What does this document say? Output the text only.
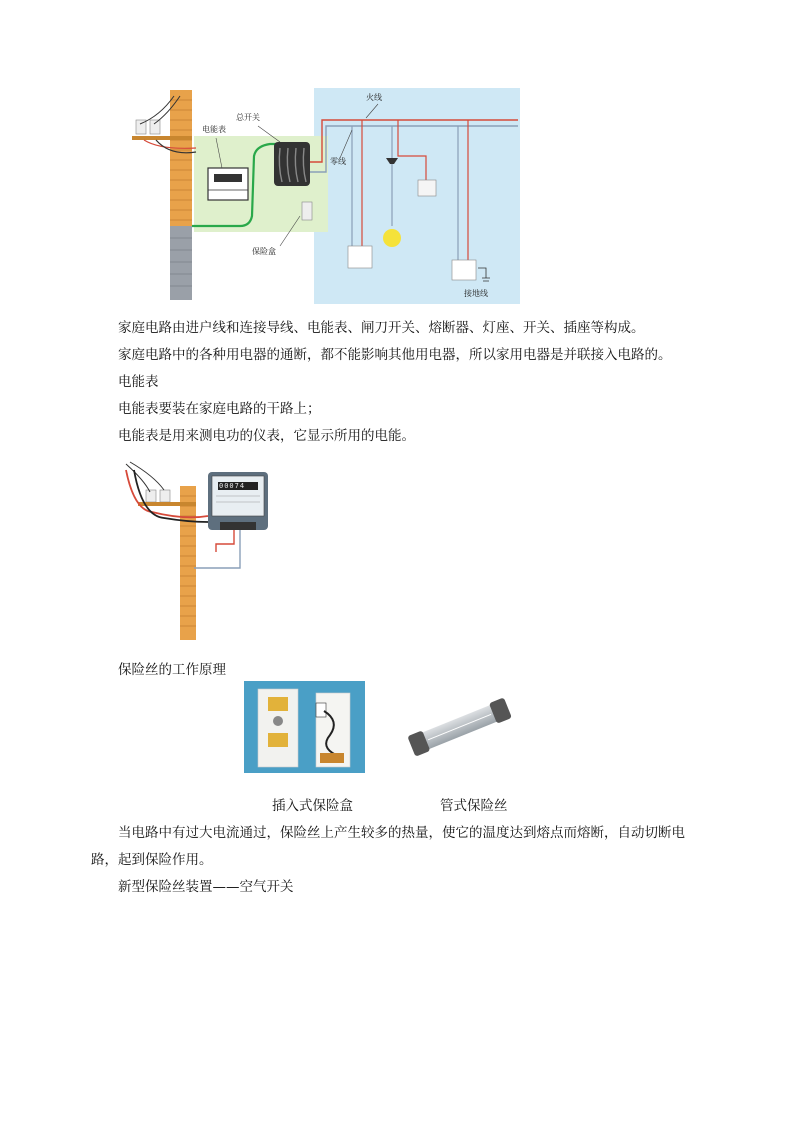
火线
总开关
电能表
零线
保险盒
接地线
家庭电路由进户线和连接导线、电能表、闸刀开关、熔断器、灯座、开关、插座等构成。
家庭电路中的各种用电器的通断，都不能影响其他用电器，所以家用电器是并联接入电路的。
电能表
电能表要装在家庭电路的干路上；
电能表是用来测电功的仪表，它显示所用的电能。
00074
保险丝的工作原理
插入式保险盒	管式保险丝
当电路中有过大电流通过，保险丝上产生较多的热量，使它的温度达到熔点而熔断，自动切断电
路，起到保险作用。
新型保险丝装置——空气开关
